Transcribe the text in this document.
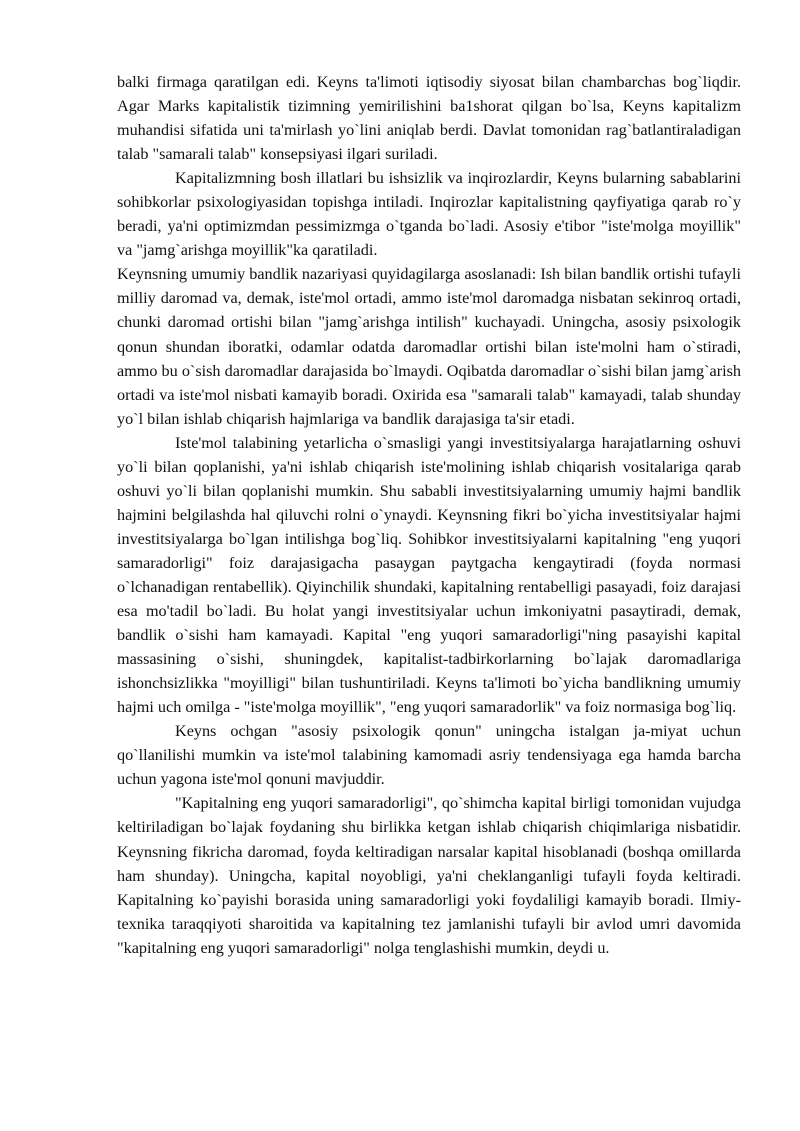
balki firmaga qaratilgan edi. Keyns ta'limoti iqtisodiy siyosat bilan chambarchas bog`liqdir. Agar Marks kapitalistik tizimning yemirilishini ba1shorat qilgan bo`lsa, Keyns kapitalizm muhandisi sifatida uni ta'mirlash yo`lini aniqlab berdi. Davlat tomonidan rag`batlantiraladigan talab "samarali talab" konsepsiyasi ilgari suriladi.

Kapitalizmning bosh illatlari bu ishsizlik va inqirozlardir, Keyns bularning sabablarini sohibkorlar psixologiyasidan topishga intiladi. Inqirozlar kapitalistning qayfiyatiga qarab ro`y beradi, ya'ni optimizmdan pessimizmga o`tganda bo`ladi. Asosiy e'tibor "iste'molga moyillik" va "jamg`arishga moyillik"ka qaratiladi.

Keynsning umumiy bandlik nazariyasi quyidagilarga asoslanadi: Ish bilan bandlik ortishi tufayli milliy daromad va, demak, iste'mol ortadi, ammo iste'mol daromadga nisbatan sekinroq ortadi, chunki daromad ortishi bilan "jamg`arishga intilish" kuchayadi. Uningcha, asosiy psixologik qonun shundan iboratki, odamlar odatda daromadlar ortishi bilan iste'molni ham o`stiradi, ammo bu o`sish daromadlar darajasida bo`lmaydi. Oqibatda daromadlar o`sishi bilan jamg`arish ortadi va iste'mol nisbati kamayib boradi. Oxirida esa "samarali talab" kamayadi, talab shunday yo`l bilan ishlab chiqarish hajmlariga va bandlik darajasiga ta'sir etadi.

Iste'mol talabining yetarlicha o`smasligi yangi investitsiyalarga harajatlarning oshuvi yo`li bilan qoplanishi, ya'ni ishlab chiqarish iste'molining ishlab chiqarish vositalariga qarab oshuvi yo`li bilan qoplanishi mumkin. Shu sababli investitsiyalarning umumiy hajmi bandlik hajmini belgilashda hal qiluvchi rolni o`ynaydi. Keynsning fikri bo`yicha investitsiyalar hajmi investitsiyalarga bo`lgan intilishga bog`liq. Sohibkor investitsiyalarni kapitalning "eng yuqori samaradorligi" foiz darajasigacha pasaygan paytgacha kengaytiradi (foyda normasi o`lchanadigan rentabellik). Qiyinchilik shundaki, kapitalning rentabelligi pasayadi, foiz darajasi esa mo'tadil bo`ladi. Bu holat yangi investitsiyalar uchun imkoniyatni pasaytiradi, demak, bandlik o`sishi ham kamayadi. Kapital "eng yuqori samaradorligi"ning pasayishi kapital massasining o`sishi, shuningdek, kapitalist-tadbirkorlarning bo`lajak daromadlariga ishonchsizlikka "moyilligi" bilan tushuntiriladi. Keyns ta'limoti bo`yicha bandlikning umumiy hajmi uch omilga - "iste'molga moyillik", "eng yuqori samaradorlik" va foiz normasiga bog`liq.

Keyns ochgan "asosiy psixologik qonun" uningcha istalgan ja-miyat uchun qo`llanilishi mumkin va iste'mol talabining kamomadi asriy tendensiyaga ega hamda barcha uchun yagona iste'mol qonuni mavjuddir.

"Kapitalning eng yuqori samaradorligi", qo`shimcha kapital birligi tomonidan vujudga keltiriladigan bo`lajak foydaning shu birlikka ketgan ishlab chiqarish chiqimlariga nisbatidir. Keynsning fikricha daromad, foyda keltiradigan narsalar kapital hisoblanadi (boshqa omillarda ham shunday). Uningcha, kapital noyobligi, ya'ni cheklanganligi tufayli foyda keltiradi. Kapitalning ko`payishi borasida uning samaradorligi yoki foydaliligi kamayib boradi. Ilmiy-texnika taraqqiyoti sharoitida va kapitalning tez jamlanishi tufayli bir avlod umri davomida "kapitalning eng yuqori samaradorligi" nolga tenglashishi mumkin, deydi u.
